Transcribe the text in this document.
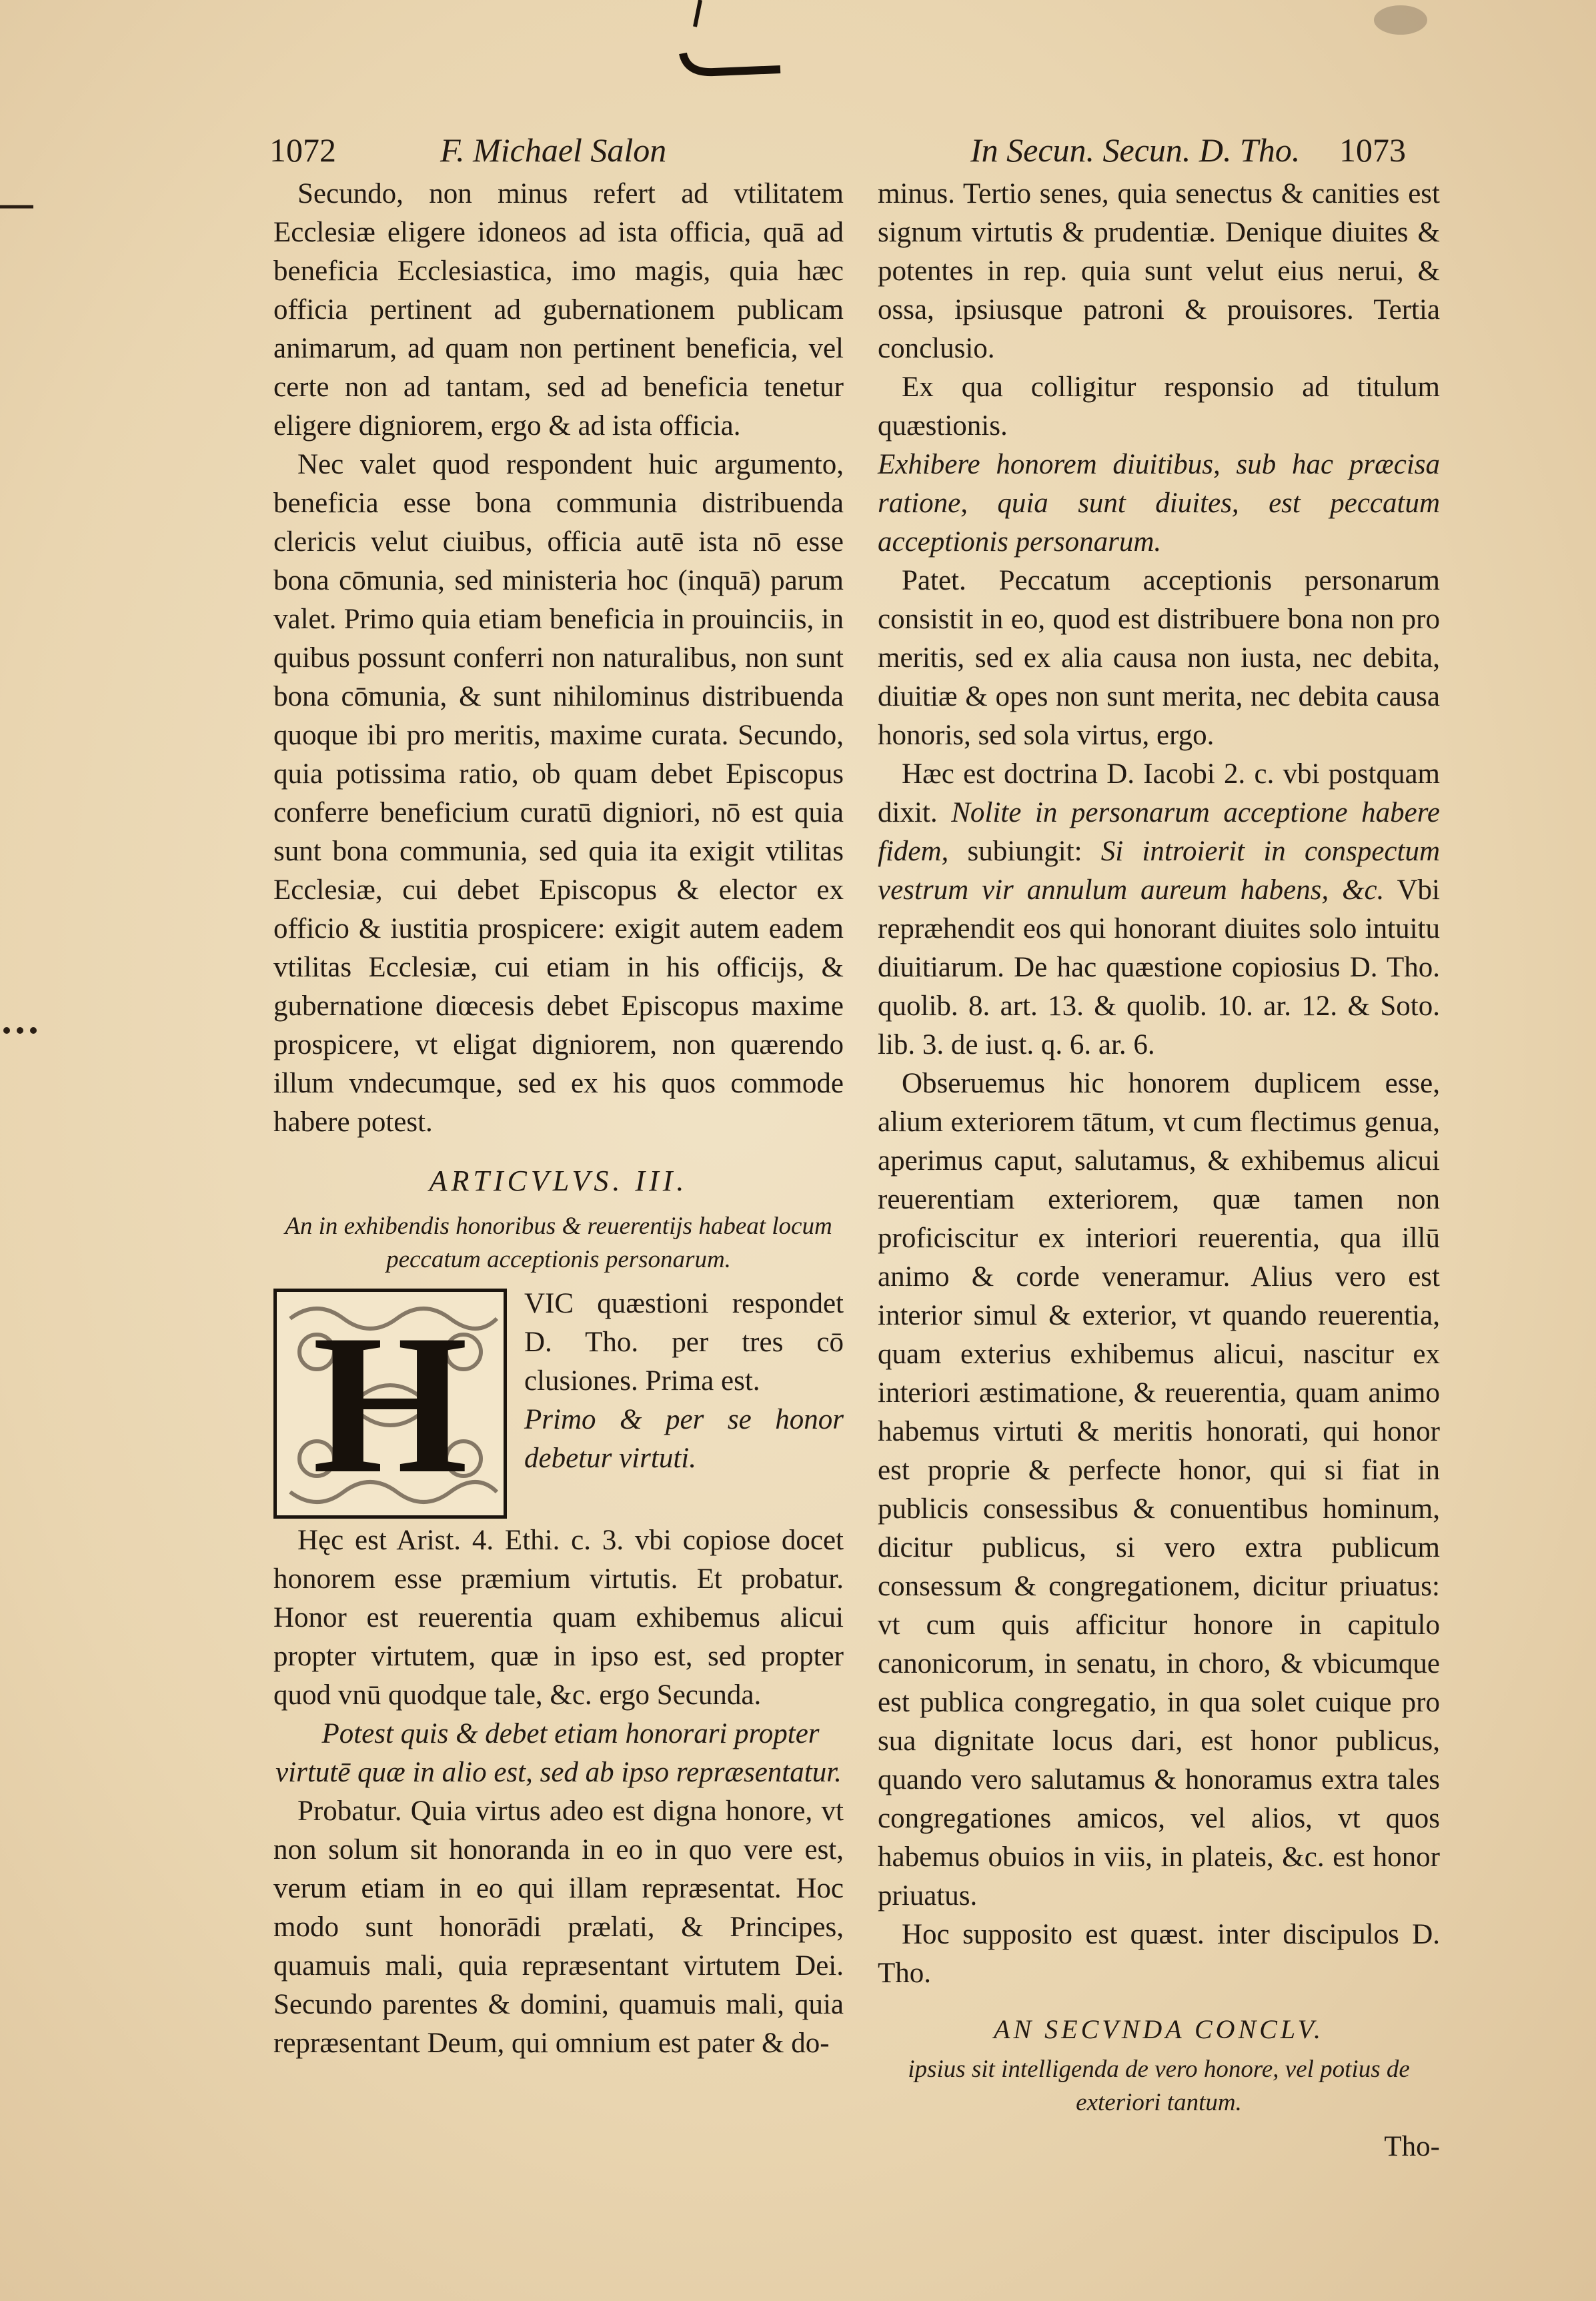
1072	F. Michael Salon	In Secun. Secun. D. Tho. 1073

Secundo, non minus refert ad vtilitatem Ecclesiæ eligere idoneos ad ista officia, quā ad beneficia Ecclesiastica, imo magis, quia hæc officia pertinent ad gubernationem publicam animarum, ad quam non pertinent beneficia, vel certe non ad tantam, sed ad beneficia tenetur eligere digniorem, ergo & ad ista officia.

Nec valet quod respondent huic argumento, beneficia esse bona communia distribuenda clericis velut ciuibus, officia autē ista nō esse bona cōmunia, sed ministeria hoc (inquā) parum valet. Primo quia etiam beneficia in prouinciis, in quibus possunt conferri non naturalibus, non sunt bona cōmunia, & sunt nihilominus distribuenda quoque ibi pro meritis, maxime curata. Secundo, quia potissima ratio, ob quam debet Episcopus conferre beneficium curatū digniori, nō est quia sunt bona communia, sed quia ita exigit vtilitas Ecclesiæ, cui debet Episcopus & elector ex officio & iustitia prospicere: exigit autem eadem vtilitas Ecclesiæ, cui etiam in his officijs, & gubernatione diœcesis debet Episcopus maxime prospicere, vt eligat digniorem, non quærendo illum vndecumque, sed ex his quos commode habere potest.

ARTICVLVS. III.
An in exhibendis honoribus & reuerentijs habeat locum peccatum acceptionis personarum.
H	VIC quæstioni respondet D. Tho. per tres cō clusiones. Prima est.

Primo & per se honor debetur virtuti.

Hęc est Arist. 4. Ethi. c. 3. vbi copiose docet honorem esse præmium virtutis. Et probatur. Honor est reuerentia quam exhibemus alicui propter virtutem, quæ in ipso est, sed propter quod vnū quodque tale, &c. ergo Secunda.

Potest quis & debet etiam honorari propter virtutē quæ in alio est, sed ab ipso repræsentatur.

Probatur. Quia virtus adeo est digna honore, vt non solum sit honoranda in eo in quo vere est, verum etiam in eo qui illam repræsentat. Hoc modo sunt honorādi prælati, & Principes, quamuis mali, quia repræsentant virtutem Dei. Secundo parentes & domini, quamuis mali, quia repræsentant Deum, qui omnium est pater & do-

minus. Tertio senes, quia senectus & canities est signum virtutis & prudentiæ. Denique diuites & potentes in rep. quia sunt velut eius nerui, & ossa, ipsiusque patroni & prouisores. Tertia conclusio.

Ex qua colligitur responsio ad titulum quæstionis.

Exhibere honorem diuitibus, sub hac præcisa ratione, quia sunt diuites, est peccatum acceptionis personarum.

Patet. Peccatum acceptionis personarum consistit in eo, quod est distribuere bona non pro meritis, sed ex alia causa non iusta, nec debita, diuitiæ & opes non sunt merita, nec debita causa honoris, sed sola virtus, ergo.

Hæc est doctrina D. Iacobi 2. c. vbi postquam dixit. Nolite in personarum acceptione habere fidem, subiungit: Si introierit in conspectum vestrum vir annulum aureum habens, &c. Vbi repræhendit eos qui honorant diuites solo intuitu diuitiarum. De hac quæstione copiosius D. Tho. quolib. 8. art. 13. & quolib. 10. ar. 12. & Soto. lib. 3. de iust. q. 6. ar. 6.

Obseruemus hic honorem duplicem esse, alium exteriorem tātum, vt cum flectimus genua, aperimus caput, salutamus, & exhibemus alicui reuerentiam exteriorem, quæ tamen non proficiscitur ex interiori reuerentia, qua illū animo & corde veneramur. Alius vero est interior simul & exterior, vt quando reuerentia, quam exterius exhibemus alicui, nascitur ex interiori æstimatione, & reuerentia, quam animo habemus virtuti & meritis honorati, qui honor est proprie & perfecte honor, qui si fiat in publicis consessibus & conuentibus hominum, dicitur publicus, si vero extra publicum consessum & congregationem, dicitur priuatus: vt cum quis afficitur honore in capitulo canonicorum, in senatu, in choro, & vbicumque est publica congregatio, in qua solet cuique pro sua dignitate locus dari, est honor publicus, quando vero salutamus & honoramus extra tales congregationes amicos, vel alios, vt quos habemus obuios in viis, in plateis, &c. est honor priuatus.

Hoc supposito est quæst. inter discipulos D. Tho.

AN SECVNDA CONCLV.
ipsius sit intelligenda de vero honore, vel potius de exteriori tantum.
Tho-
